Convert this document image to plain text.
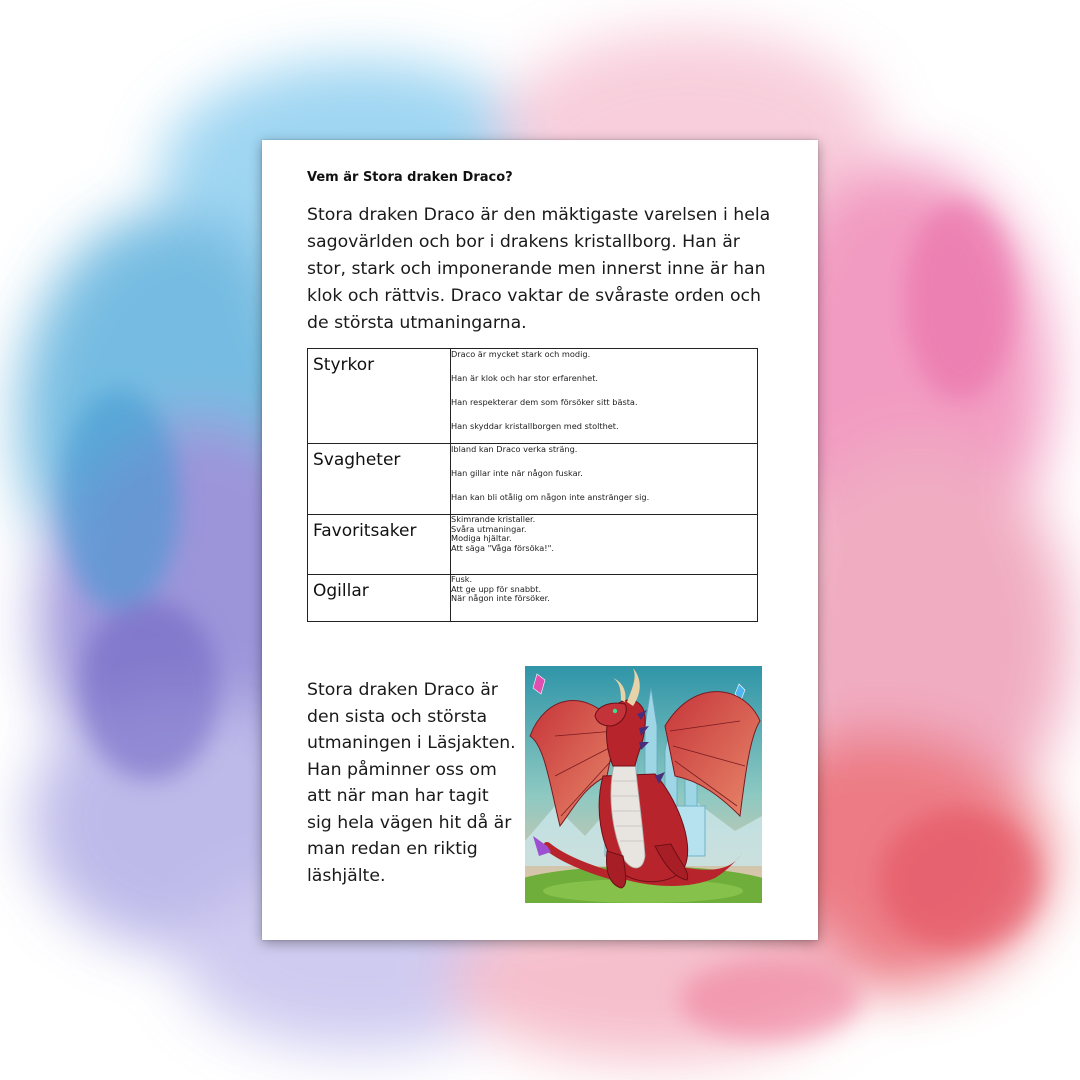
Vem är Stora draken Draco?
Stora draken Draco är den mäktigaste varelsen i hela sagovärlden och bor i drakens kristallborg. Han är stor, stark och imponerande men innerst inne är han klok och rättvis. Draco vaktar de svåraste orden och de största utmaningarna.
Styrkor	Draco är mycket stark och modig.
Han är klok och har stor erfarenhet.
Han respekterar dem som försöker sitt bästa.
Han skyddar kristallborgen med stolthet.

Svagheter	Ibland kan Draco verka sträng.
Han gillar inte när någon fuskar.
Han kan bli otålig om någon inte anstränger sig.

Favoritsaker	Skimrande kristaller.
Svåra utmaningar.
Modiga hjältar.
Att säga "Våga försöka!".

Ogillar	Fusk.
Att ge upp för snabbt.
När någon inte försöker.
Stora draken Draco är den sista och största utmaningen i Läsjakten. Han påminner oss om att när man har tagit sig hela vägen hit då är man redan en riktig läshjälte.
